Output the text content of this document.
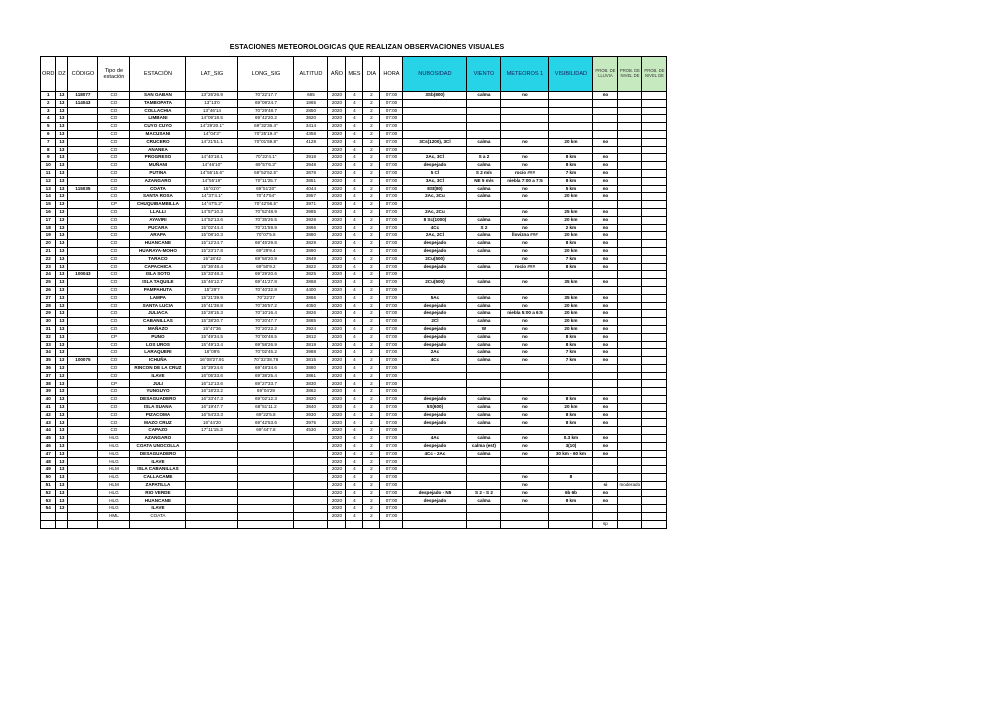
ESTACIONES METEOROLOGICAS QUE REALIZAN OBSERVACIONES VISUALES
ORD	DZ	CÓDIGO	Tipo de estación	ESTACIÓN	LAT_SIG	LONG_SIG	ALTITUD	AÑO	MES	DIA	HORA	NUBOSIDAD	VIENTO	METEOROS 1	VISIBILIDAD	PROB. DE LLUVIA	PROB. DE NIVEL DE	PROB. DE NIVEL DE
1	13	118077	CO	SAN GABAN	13°26'26.9	70°22'17.7	685	2020	4	2	07:00	3Sb(800)	calma	no		no		
2	13	114043	CO	TAMBOPATA	13°13'0	69°09'24.7	1865	2020	4	2	07:00							
3	13		CO	COLLACHIA	13°46'14	70°29'48.7	2850	2020	4	2	07:00							
4	13		CO	LIMBANI	14°09'18.5	69°42'20.2	3820	2020	4	2	07:00							
5	13		CO	CUYO CUYO	14°29'20.1"	69°32'36.4"	3414	2020	4	2	07:00							
6	13		CO	MACUSANI	14°04'3"	70°25'19.4"	4358	2020	4	2	07:00							
7	13		CO	CRUCERO	14°21'51.1	70°01'59.8"	4128	2020	4	2	07:00	3Cs(1200), 3Cl	calma	no	20 km	no		
8	13		CO	ANANEA				2020	4	2	07:00							
9	13		CO	PROGRESO	14°40'18.1	70°22'4.1"	3918	2020	4	2	07:00	2Ac, 3Cl	S a 2	no	8 km	no		
10	13		CO	MUÑANI	14°46'10"	69°57'6.3"	3948	2020	4	2	07:00	despejado	calma	no	8 km	no		
11	13		CO	PUTINA	14°55'15.6"	69°52'52.5"	3878	2020	4	2	07:00	5 Cl	S 2 m/s	rocío ###	7 km	no		
12	13		CO	AZANGARO	14°55'19"	70°11'25.7	3851	2020	4	2	07:00	3Ac, 3Cl	NE 5 m/s	niebla 7:00 a 7:5	8 km	no		
13	13	115035	CO	COATA	15°01'0"	69°51'20"	4044	2020	4	2	07:00	8St(80)	calma	no	5 km	no		
14	13		CO	SANTA ROSA	14°37'4.1"	70°47'54"	3957	2020	4	2	07:00	2Ac, 3Cu	calma	no	20 km	no		
15	13		CP	CHUQUIBAMBILLA	14°47'5.2"	70°42'56.5"	3971	2020	4	2	07:00							
16	13		CO	LLALLI	14°57'10.3	70°52'48.9	3985	2020	4	2	07:00	2Ac, 2Cu		no	25 km	no		
17	13		CO	AYAVIRI	14°52'13.6	70°35'25.5	3928	2020	4	2	07:00	8 Sc(1000)	calma	no	20 km	no		
18	13		CO	PUCARA	15°02'44.4	70°21'59.9	3866	2020	4	2	07:00	4Cc	S 2	no	2 km	no		
19	13		CO	ARAPA	15°08'10.3	70°07'5.6	3880	2020	4	2	07:00	2Ac, 2Cl	calma	llovizna ###	20 km	no		
20	13		CO	HUANCANE	15°12'24.7	69°45'29.8	3829	2020	4	2	07:00	despejado	calma	no	8 km	no		
21	13		CO	HUARAYA-MOHO	15°23'17.8	69°29'9.4	3890	2020	4	2	07:00	despejado	calma	no	20 km	no		
22	13		CO	TARACO	15°18'42	69°58'20.9	3849	2020	4	2	07:00	2Cu(500)		no	7 km	no		
23	13		CO	CAPACHICA	15°36'48.4	69°50'9.2	3822	2020	4	2	07:00	despejado	calma	rocío ###	8 km	no		
24	13	100043	CO	ISLA SOTO	15°33'48.3	69°29'20.6	3825	2020	4	2	07:00							
25	13		CO	ISLA TAQUILE	15°46'12.7	69°41'27.8	3868	2020	4	2	07:00	2Cu(500)	calma	no	35 km	no		
26	13		CO	PAMPAHUTA	15°29'7	70°40'32.8	4400	2020	4	2	07:00							
27	13		CO	LAMPA	15°21'39.9	70°22'27	3866	2020	4	2	07:00	5Ac	calma	no	35 km	no		
28	13		CO	SANTA LUCIA	15°41'38.8	70°36'57.2	4050	2020	4	2	07:00	despejado	calma	no	20 km	no		
29	13		CO	JULIACA	15°28'15.3	70°10'16.4	3826	2020	4	2	07:00	despejado	calma	niebla 5:00 a 6:5	20 km	no		
30	13		CO	CABANILLAS	15°38'20.7	70°20'47.7	3885	2020	4	2	07:00	2Cl	calma	no	20 km	no		
31	13		CO	MAÑAZO	15°47'36	70°20'22.2	3924	2020	4	2	07:00	despejado	W	no	20 km	no		
32	13		CP	PUNO	15°49'34.5	70°00'48.5	3812	2020	4	2	07:00	despejado	calma	no	8 km	no		
33	13		CO	LOS UROS	15°49'13.4	69°58'26.9	3819	2020	4	2	07:00	despejado	calma	no	8 km	no		
34	13		CO	LARAQUERI	16°09'6	70°02'45.2	3988	2020	4	2	07:00	2Ac	calma	no	7 km	no		
35	13	100075	CO	ICHUÑA	16°08'27.91	70°32'38.78	3815	2020	4	2	07:00	4Cc	calma	no	7 km	no		
36	13		CO	RINCON DE LA CRUZ	15°39'24.6	69°48'34.6	3880	2020	4	2	07:00							
37	13		CO	ILAVE	16°05'33.6	69°38'25.4	3861	2020	4	2	07:00							
38	13		CP	JULI	16°12'13.6	69°27'33.7	3830	2020	4	2	07:00							
39	13		CO	YUNGUYO	16°18'23.2	69°04'29	3862	2020	4	2	07:00							
40	13		CO	DESAGUADERO	16°33'47.3	69°02'12.3	3820	2020	4	2	07:00	despejado	calma	no	8 km	no		
41	13		CO	ISLA SUANA	16°19'47.7	68°51'11.2	3840	2020	4	2	07:00	5S(600)	calma	no	20 km	no		
42	13		CO	PIZACOMA	16°54'23.3	69°22'5.8	3930	2020	4	2	07:00	despejado	calma	no	8 km	no		
43	13		CO	MAZO CRUZ	16°44'20	69°42'53.6	3975	2020	4	2	07:00	despejado	calma	no	8 km	no		
44	13		CO	CAPAZO	17°11'15.3	69°44'7.8	4530	2020	4	2	07:00							
45	13		HLG	AZANGARO				2020	4	2	07:00	4Ac	calma	no	0.3 km	no		
46	13		HLG	COATA UNOCOLLA				2020	4	2	07:00	despejado	calma (est)	no	3(10)	no		
47	13		HLG	DESAGUADERO				2020	4	2	07:00	4Cc - 2Ac	calma	no	30 km - 60 km	no		
48	13		HLG	ILAVE				2020	4	2	07:00							
49	13		HLM	ISLA CABANILLAS				2020	4	2	07:00							
50	13		HLG	CALLACAME				2020	4	2	07:00			no	8			
51	13		HLM	ZAPATILLA				2020	4	2	07:00			no		si	moderado	
52	13		HLG	RIO VERDE				2020	4	2	07:00	despejado - N5	S 2 - S 2	no	6b 6b	no		
53	13		HLG	HUANCANE				2020	4	2	07:00	despejado	calma	no	8 km	no		
54	13		HLG	ILAVE				2020	4	2	07:00							
			HML	COATA				2020	4	2	07:00							
																sp		
